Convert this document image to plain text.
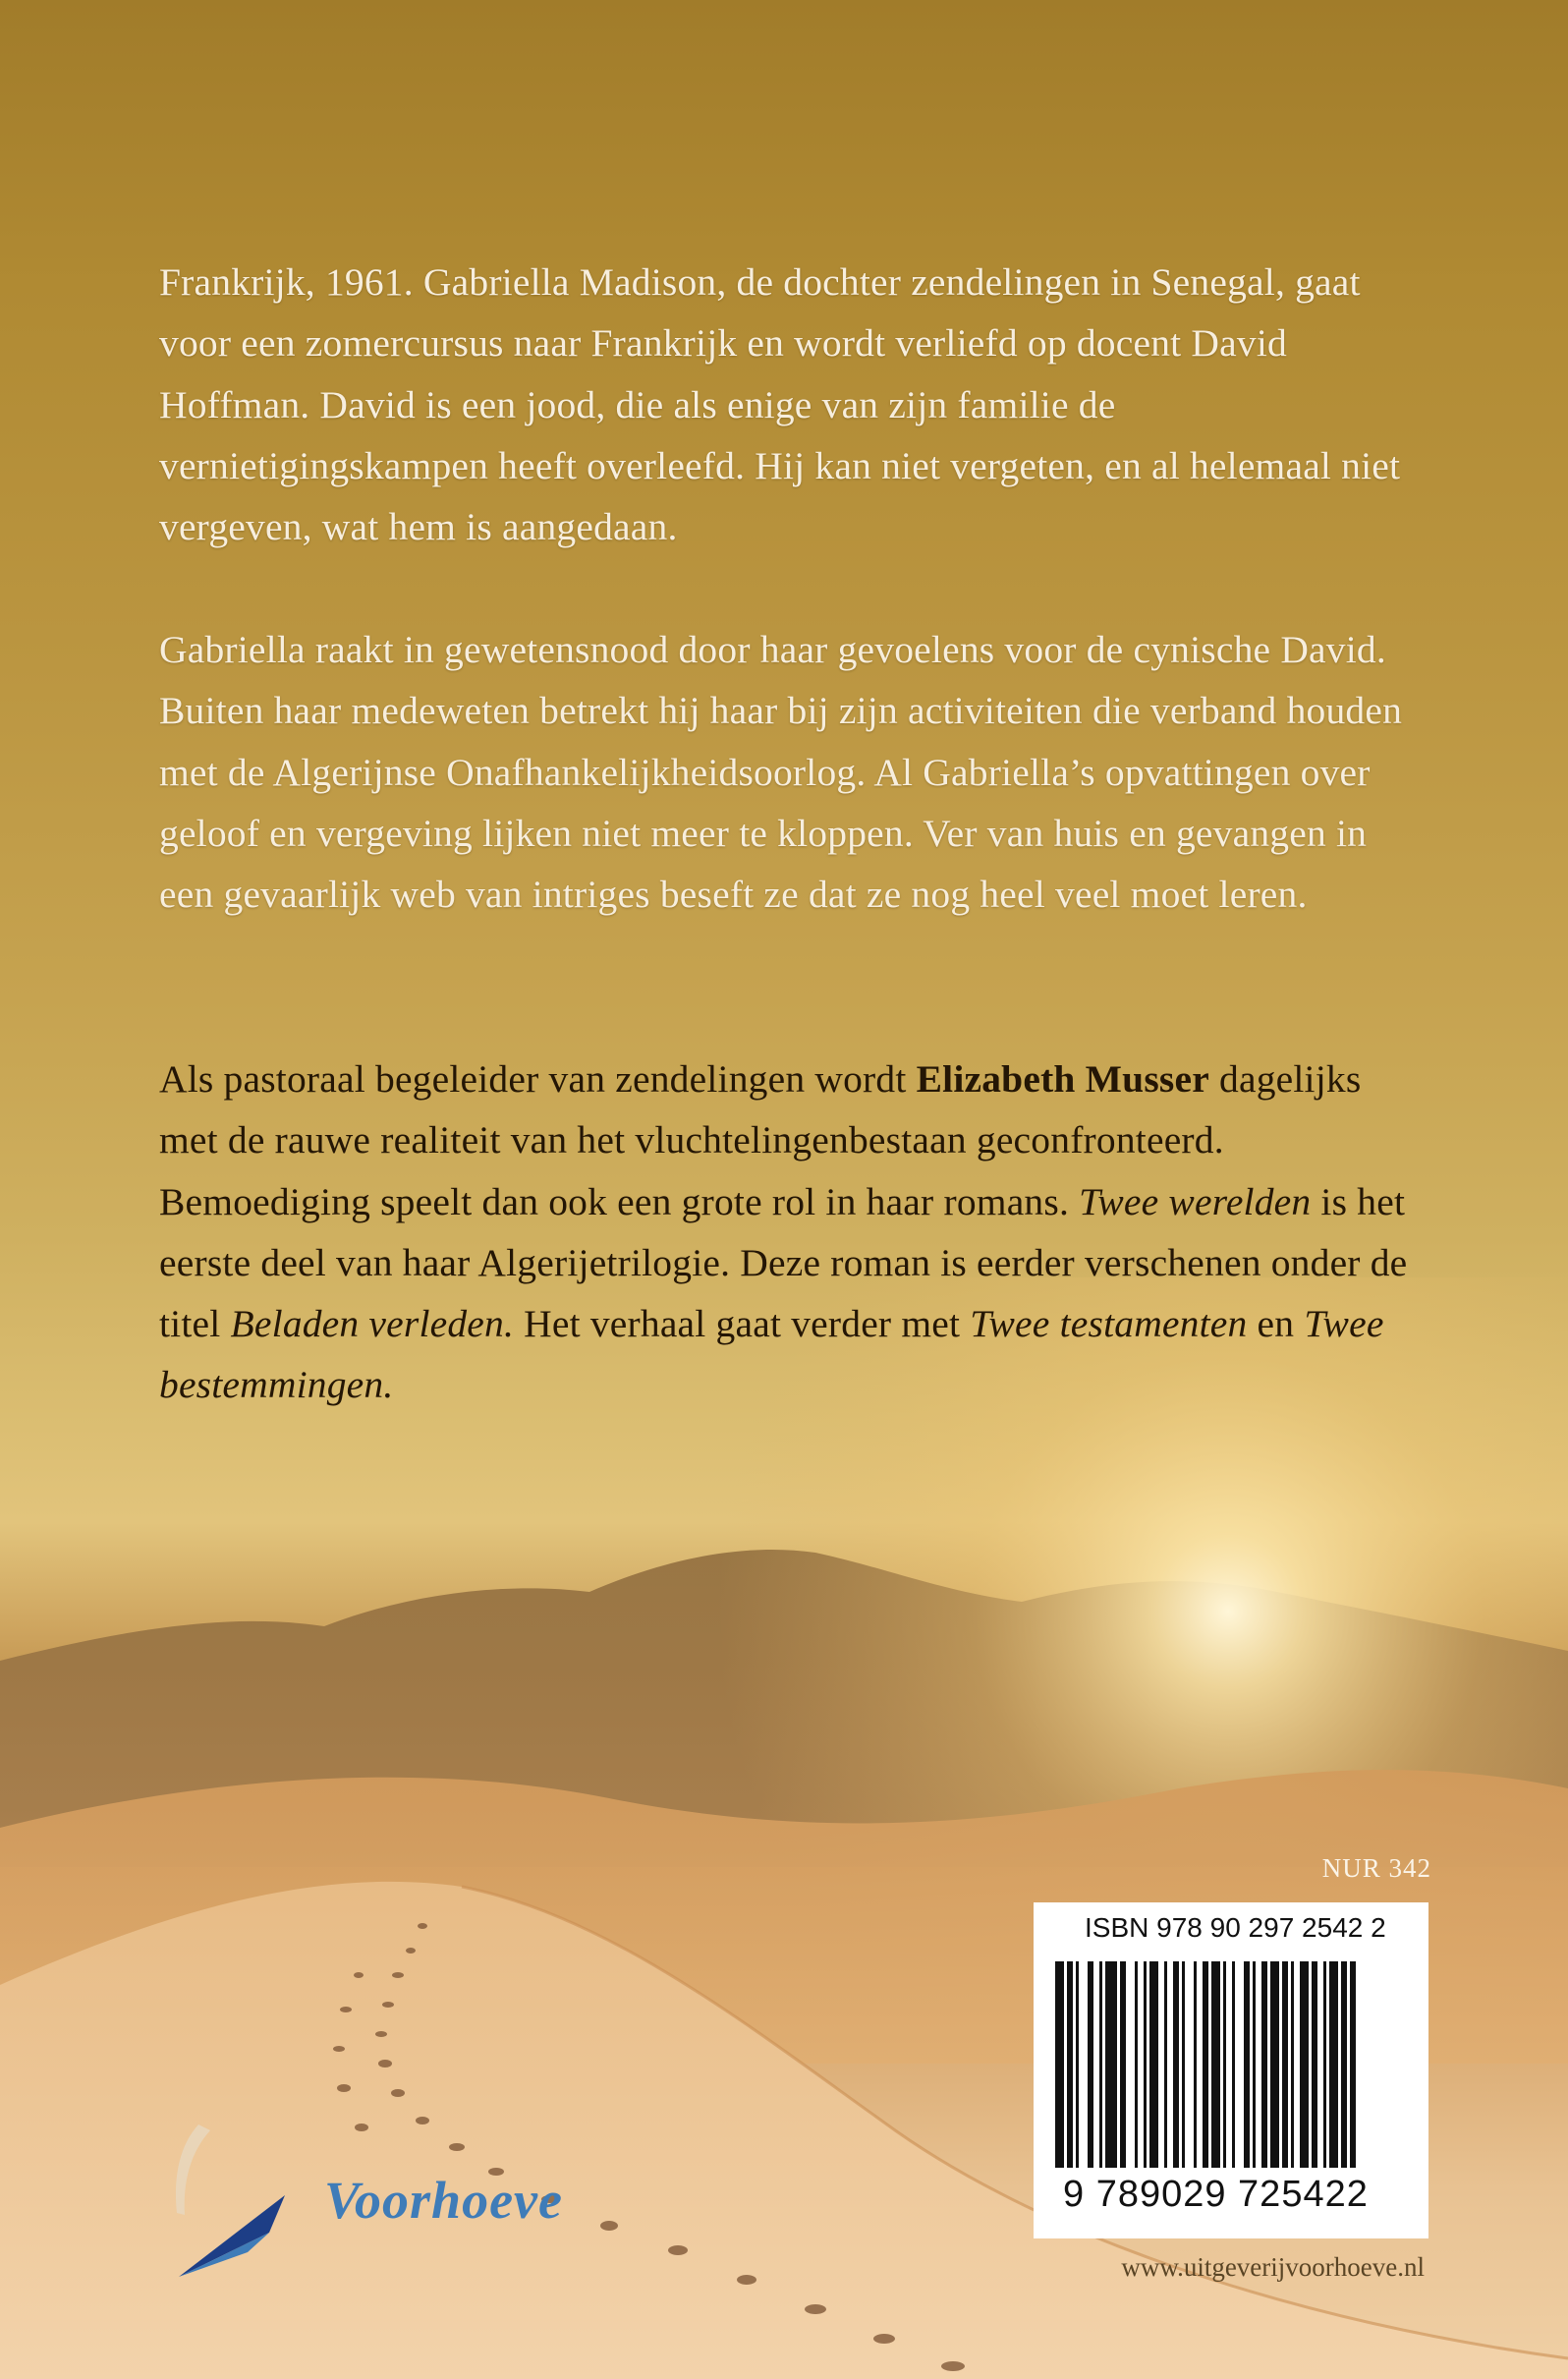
Frankrijk, 1961. Gabriella Madison, de dochter zendelingen in Senegal, gaat voor een zomercursus naar Frankrijk en wordt verliefd op docent David Hoffman. David is een jood, die als enige van zijn familie de vernietigingskampen heeft overleefd. Hij kan niet vergeten, en al helemaal niet vergeven, wat hem is aangedaan.

Gabriella raakt in gewetensnood door haar gevoelens voor de cynische David. Buiten haar medeweten betrekt hij haar bij zijn activiteiten die verband houden met de Algerijnse Onafhankelijkheidsoorlog. Al Gabriella’s opvattingen over geloof en vergeving lijken niet meer te kloppen. Ver van huis en gevangen in een gevaarlijk web van intriges beseft ze dat ze nog heel veel moet leren.

Als pastoraal begeleider van zendelingen wordt Elizabeth Musser dagelijks met de rauwe realiteit van het vluchtelingenbestaan geconfronteerd. Bemoediging speelt dan ook een grote rol in haar romans. Twee werelden is het eerste deel van haar Algerijetrilogie. Deze roman is eerder verschenen onder de titel Beladen verleden. Het verhaal gaat verder met Twee testamenten en Twee bestemmingen.

NUR 342
ISBN 978 90 297 2542 2
9 789029 725422
Voorhoeve
www.uitgeverijvoorhoeve.nl
